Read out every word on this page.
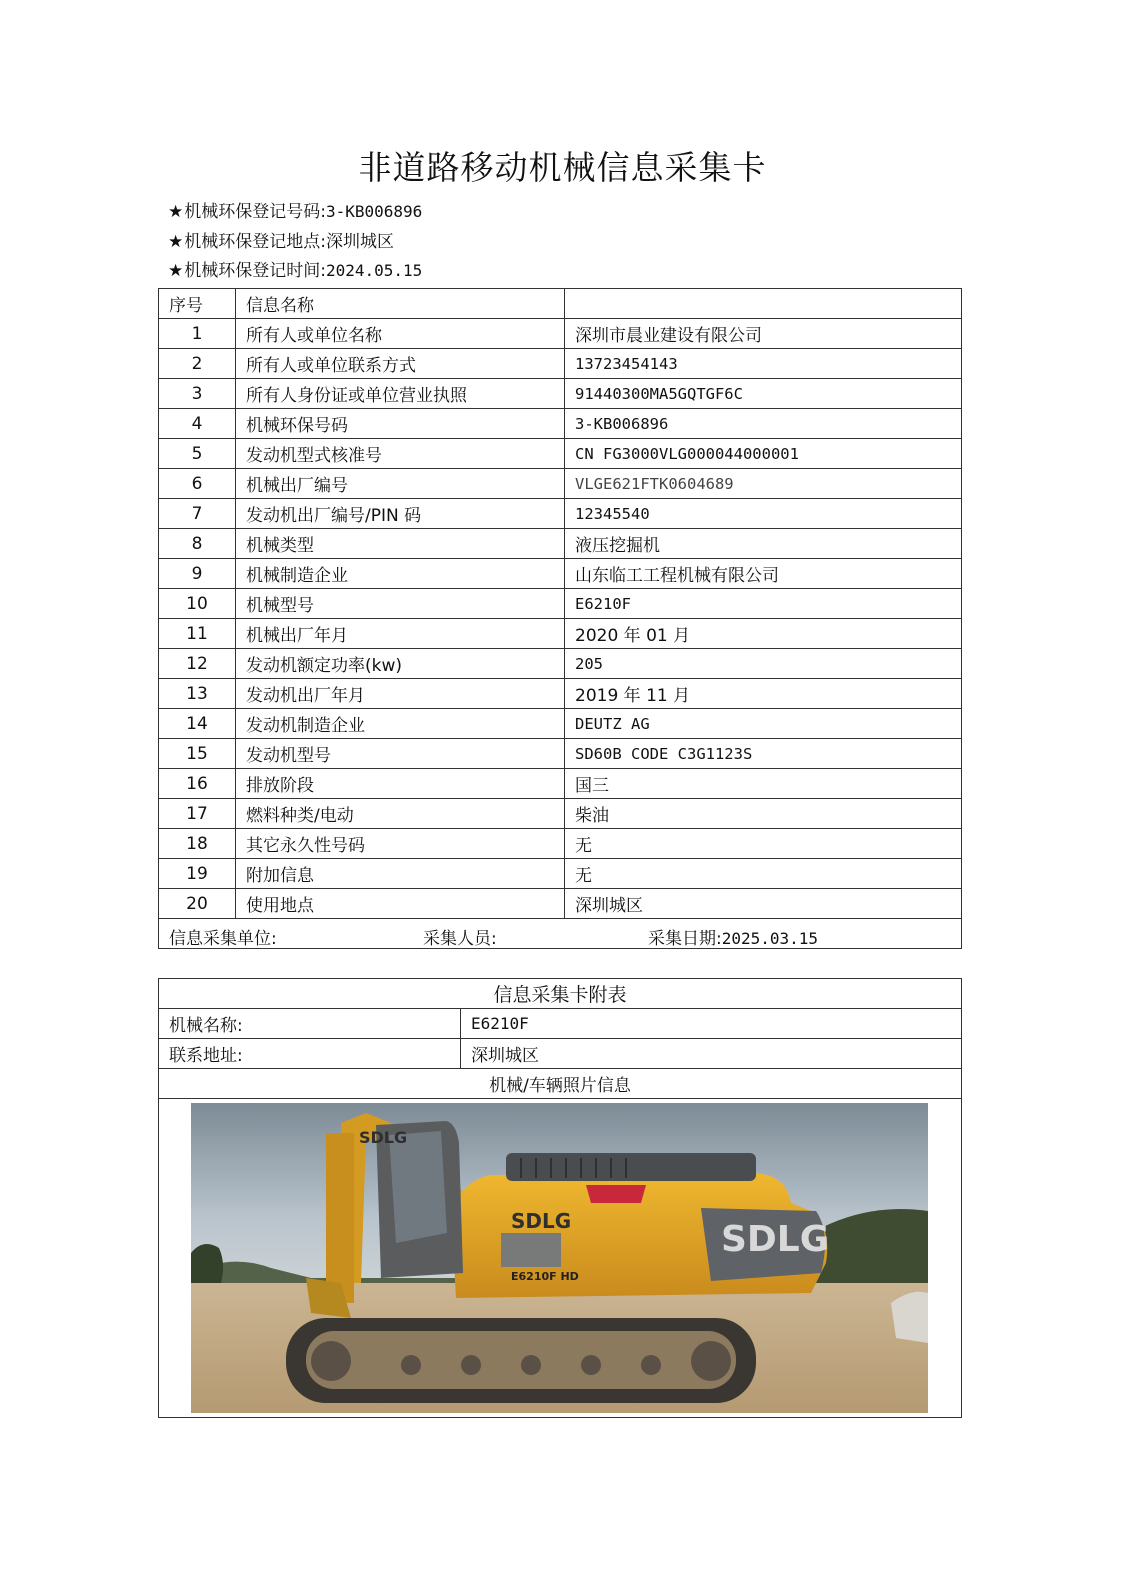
非道路移动机械信息采集卡
★机械环保登记号码:3-KB006896
★机械环保登记地点:深圳城区
★机械环保登记时间:2024.05.15
序号	信息名称	
1	所有人或单位名称	深圳市晨业建设有限公司
2	所有人或单位联系方式	13723454143
3	所有人身份证或单位营业执照	91440300MA5GQTGF6C
4	机械环保号码	3-KB006896
5	发动机型式核准号	CN FG3000VLG000044000001
6	机械出厂编号	VLGE621FTK0604689
7	发动机出厂编号/PIN 码	12345540
8	机械类型	液压挖掘机
9	机械制造企业	山东临工工程机械有限公司
10	机械型号	E6210F
11	机械出厂年月	2020 年 01 月
12	发动机额定功率(kw)	205
13	发动机出厂年月	2019 年 11 月
14	发动机制造企业	DEUTZ AG
15	发动机型号	SD60B CODE C3G1123S
16	排放阶段	国三
17	燃料种类/电动	柴油
18	其它永久性号码	无
19	附加信息	无
20	使用地点	深圳城区

信息采集单位: 采集人员: 采集日期:2025.03.15		
信息采集卡附表	
机械名称:	E6210F
联系地址:	深圳城区
机械/车辆照片信息	

SDLG
SDLG SDLG
E6210F HD	
